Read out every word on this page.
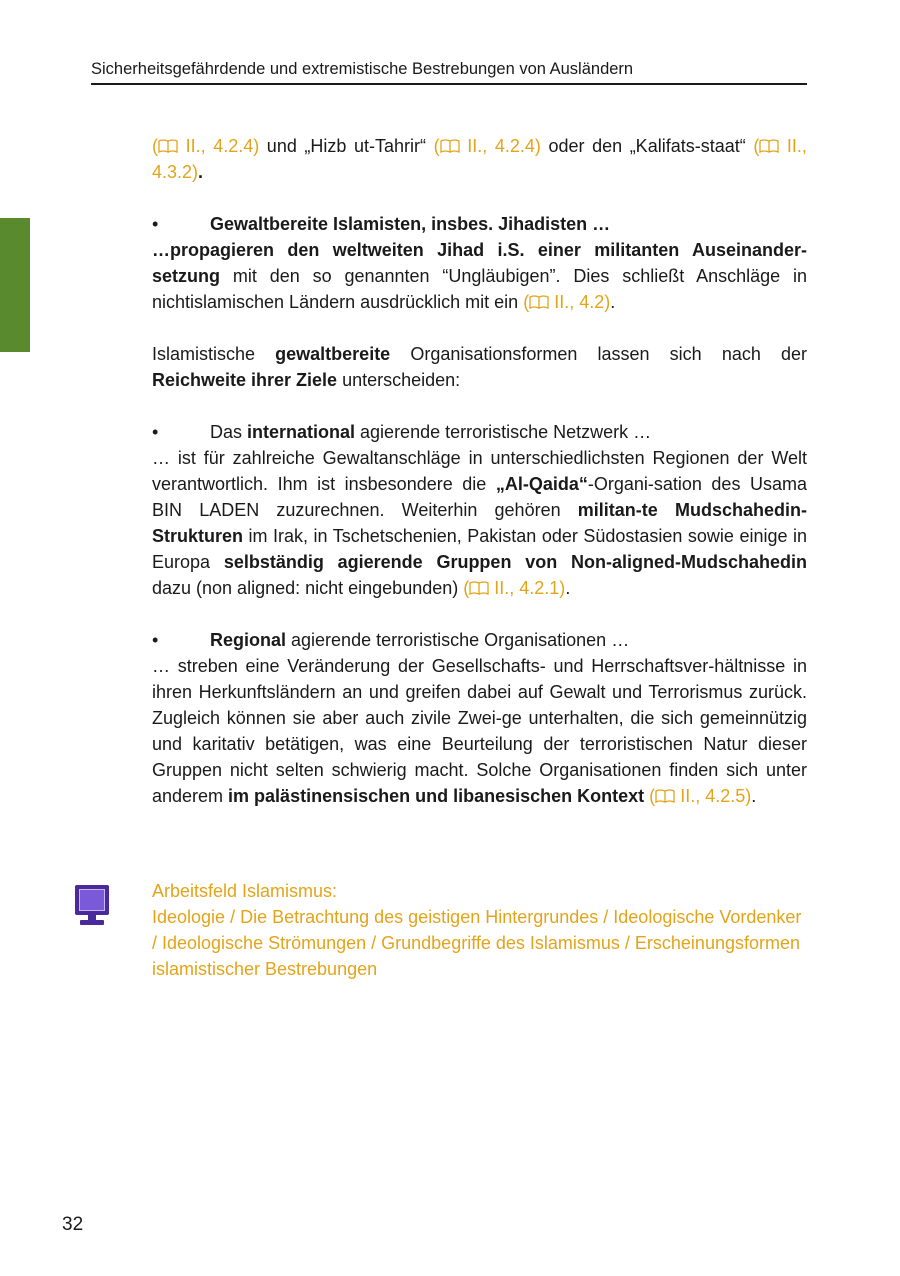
Sicherheitsgefährdende und extremistische Bestrebungen von Ausländern

( II., 4.2.4) und „Hizb ut-Tahrir“ ( II., 4.2.4) oder den „Kalifats-staat“ ( II., 4.3.2).

•	Gewaltbereite Islamisten, insbes. Jihadisten …

…propagieren den weltweiten Jihad i.S. einer militanten Auseinander-setzung mit den so genannten “Ungläubigen”. Dies schließt Anschläge in nichtislamischen Ländern ausdrücklich mit ein ( II., 4.2).

Islamistische gewaltbereite Organisationsformen lassen sich nach der Reichweite ihrer Ziele unterscheiden:

•	Das international agierende terroristische Netzwerk …

… ist für zahlreiche Gewaltanschläge in unterschiedlichsten Regionen der Welt verantwortlich. Ihm ist insbesondere die „Al-Qaida“-Organi-sation des Usama BIN LADEN zuzurechnen. Weiterhin gehören militan-te Mudschahedin-Strukturen im Irak, in Tschetschenien, Pakistan oder Südostasien sowie einige in Europa selbständig agierende Gruppen von Non-aligned-Mudschahedin dazu (non aligned: nicht eingebunden) ( II., 4.2.1).

•	Regional agierende terroristische Organisationen …

… streben eine Veränderung der Gesellschafts- und Herrschaftsver-hältnisse in ihren Herkunftsländern an und greifen dabei auf Gewalt und Terrorismus zurück. Zugleich können sie aber auch zivile Zwei-ge unterhalten, die sich gemeinnützig und karitativ betätigen, was eine Beurteilung der terroristischen Natur dieser Gruppen nicht selten schwierig macht. Solche Organisationen finden sich unter anderem im palästinensischen und libanesischen Kontext ( II., 4.2.5).

Arbeitsfeld Islamismus:
Ideologie / Die Betrachtung des geistigen Hintergrundes / Ideologische Vordenker / Ideologische Strömungen / Grundbegriffe des Islamismus / Erscheinungsformen islamistischer Bestrebungen
32
